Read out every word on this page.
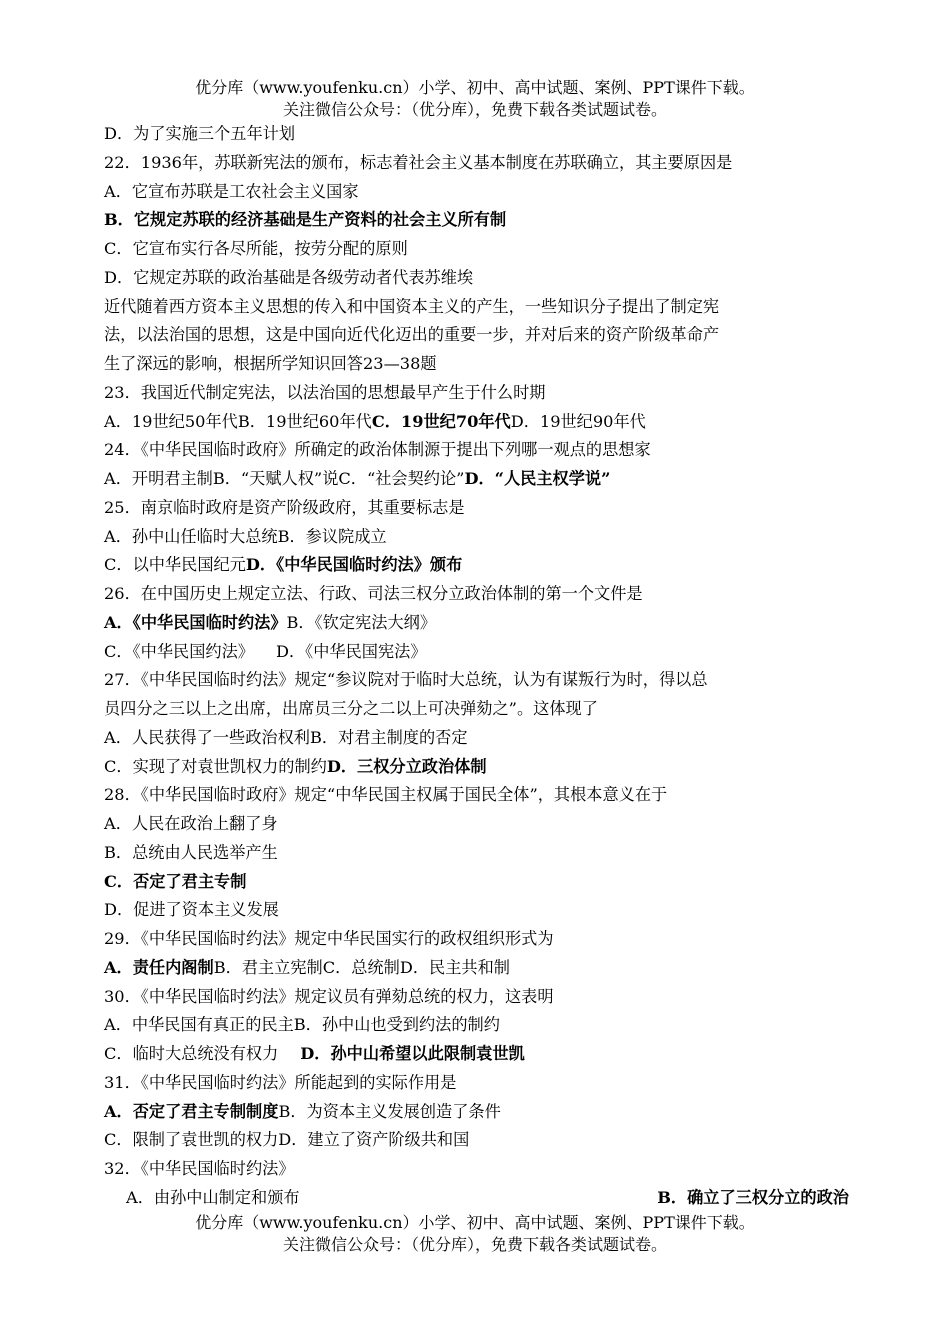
优分库（www.youfenku.cn）小学、初中、高中试题、案例、PPT课件下载。
关注微信公众号：（优分库），免费下载各类试题试卷。
D．为了实施三个五年计划
22．1936年，苏联新宪法的颁布，标志着社会主义基本制度在苏联确立，其主要原因是
A．它宣布苏联是工农社会主义国家
B．它规定苏联的经济基础是生产资料的社会主义所有制
C．它宣布实行各尽所能，按劳分配的原则
D．它规定苏联的政治基础是各级劳动者代表苏维埃
近代随着西方资本主义思想的传入和中国资本主义的产生，一些知识分子提出了制定宪
法，以法治国的思想，这是中国向近代化迈出的重要一步，并对后来的资产阶级革命产
生了深远的影响，根据所学知识回答23—38题
23．我国近代制定宪法，以法治国的思想最早产生于什么时期
A．19世纪50年代B．19世纪60年代C．19世纪70年代D．19世纪90年代
24．《中华民国临时政府》所确定的政治体制源于提出下列哪一观点的思想家
A．开明君主制B．“天赋人权”说C．“社会契约论”D．“人民主权学说”
25．南京临时政府是资产阶级政府，其重要标志是
A．孙中山任临时大总统B．参议院成立
C．以中华民国纪元D．《中华民国临时约法》颁布
26．在中国历史上规定立法、行政、司法三权分立政治体制的第一个文件是
A．《中华民国临时约法》B．《钦定宪法大纲》
C．《中华民国约法》 D．《中华民国宪法》
27．《中华民国临时约法》规定“参议院对于临时大总统，认为有谋叛行为时，得以总
员四分之三以上之出席，出席员三分之二以上可决弹劾之”。这体现了
A．人民获得了一些政治权利B．对君主制度的否定
C．实现了对袁世凯权力的制约D．三权分立政治体制
28．《中华民国临时政府》规定“中华民国主权属于国民全体”，其根本意义在于
A．人民在政治上翻了身
B．总统由人民选举产生
C．否定了君主专制
D．促进了资本主义发展
29．《中华民国临时约法》规定中华民国实行的政权组织形式为
A．责任内阁制B．君主立宪制C．总统制D．民主共和制
30．《中华民国临时约法》规定议员有弹劾总统的权力，这表明
A．中华民国有真正的民主B．孙中山也受到约法的制约
C．临时大总统没有权力 D．孙中山希望以此限制袁世凯
31．《中华民国临时约法》所能起到的实际作用是
A．否定了君主专制制度B．为资本主义发展创造了条件
C．限制了袁世凯的权力D．建立了资产阶级共和国
32．《中华民国临时约法》
A．由孙中山制定和颁布	B．确立了三权分立的政治
优分库（www.youfenku.cn）小学、初中、高中试题、案例、PPT课件下载。
关注微信公众号：（优分库），免费下载各类试题试卷。
